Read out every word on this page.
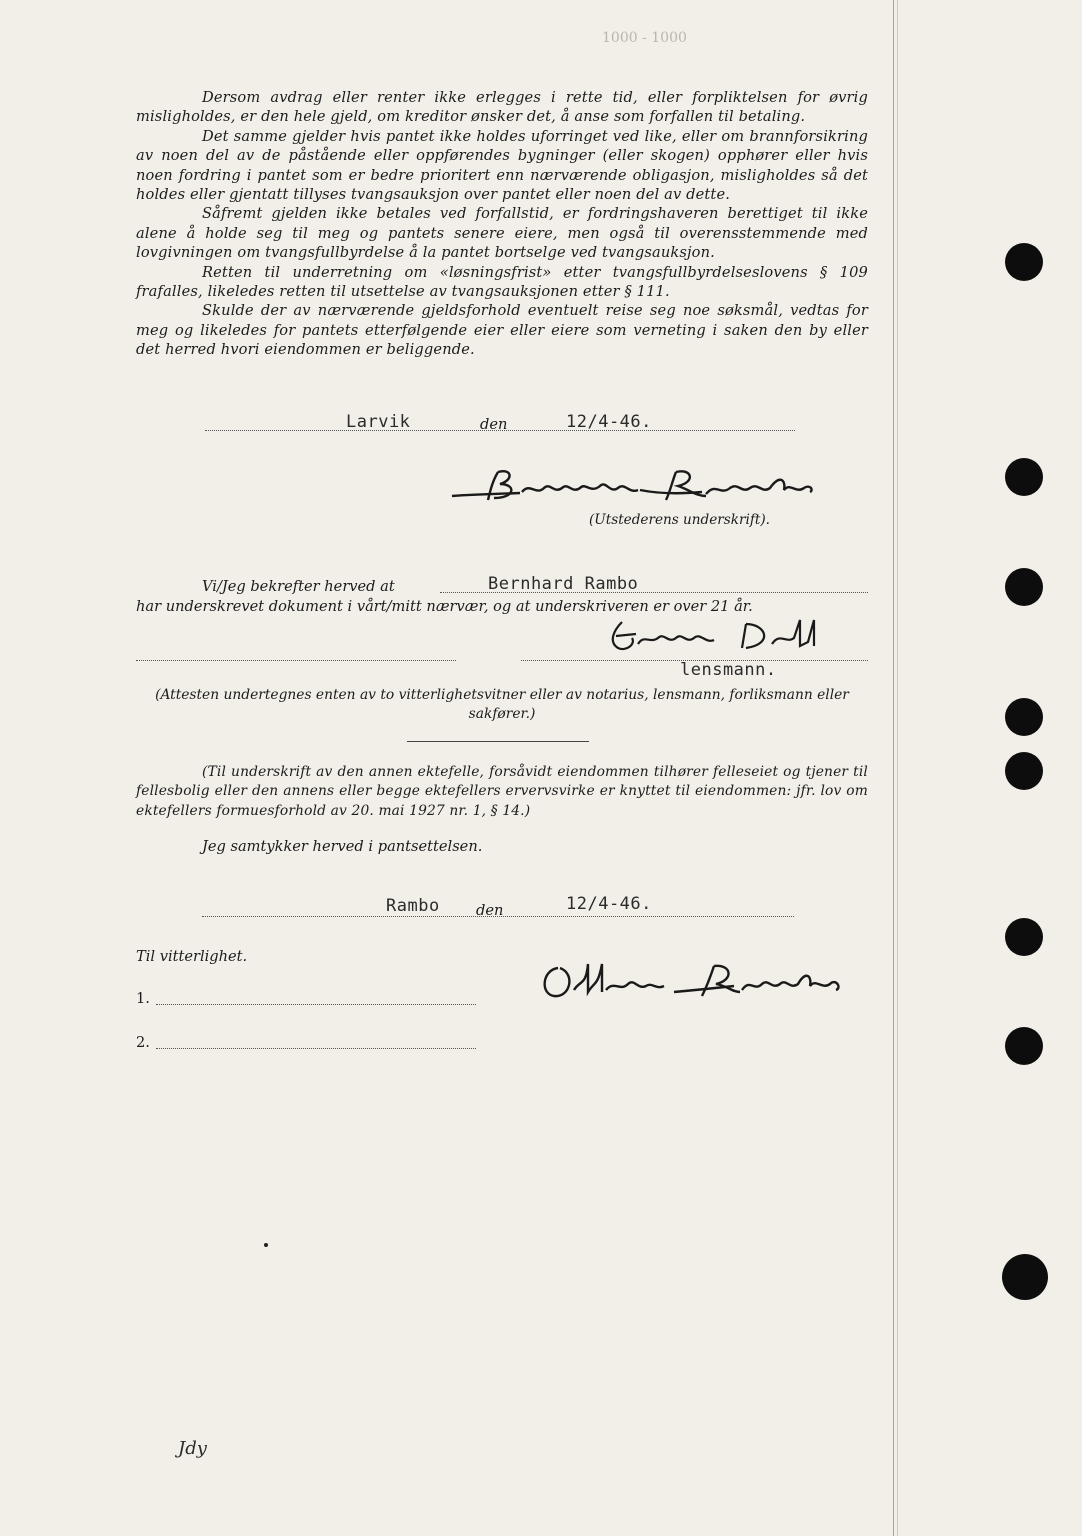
1000 - 1000

Dersom avdrag eller renter ikke erlegges i rette tid, eller forpliktelsen for øvrig misligholdes, er den hele gjeld, om kreditor ønsker det, å anse som forfallen til betaling.

Det samme gjelder hvis pantet ikke holdes uforringet ved like, eller om brannforsikring av noen del av de påstående eller oppførendes bygninger (eller skogen) opphører eller hvis noen fordring i pantet som er bedre prioritert enn nærværende obligasjon, misligholdes så det holdes eller gjentatt tillyses tvangsauksjon over pantet eller noen del av dette.

Såfremt gjelden ikke betales ved forfallstid, er fordringshaveren berettiget til ikke alene å holde seg til meg og pantets senere eiere, men også til overensstemmende med lovgivningen om tvangsfullbyrdelse å la pantet bortselge ved tvangsauksjon.

Retten til underretning om «løsningsfrist» etter tvangsfullbyrdelseslovens § 109 frafalles, likeledes retten til utsettelse av tvangsauksjonen etter § 111.

Skulde der av nærværende gjeldsforhold eventuelt reise seg noe søksmål, vedtas for meg og likeledes for pantets etterfølgende eier eller eiere som verneting i saken den by eller det herred hvori eiendommen er beliggende.

Larvik	den	12/4-46.
(Utstederens underskrift).
Vi/Jeg bekrefter herved at	Bernhard Rambo
har underskrevet dokument i vårt/mitt nærvær, og at underskriveren er over 21 år.
lensmann.
(Attesten undertegnes enten av to vitterlighetsvitner eller av notarius, lensmann, forliksmann eller sakfører.)

(Til underskrift av den annen ektefelle, forsåvidt eiendommen tilhører felleseiet og tjener til fellesbolig eller den annens eller begge ektefellers ervervsvirke er knyttet til eiendommen: jfr. lov om ektefellers formuesforhold av 20. mai 1927 nr. 1, § 14.)

Jeg samtykker herved i pantsettelsen.
Rambo den	12/4-46.
Til vitterlighet.
1.
2.
Jdy
